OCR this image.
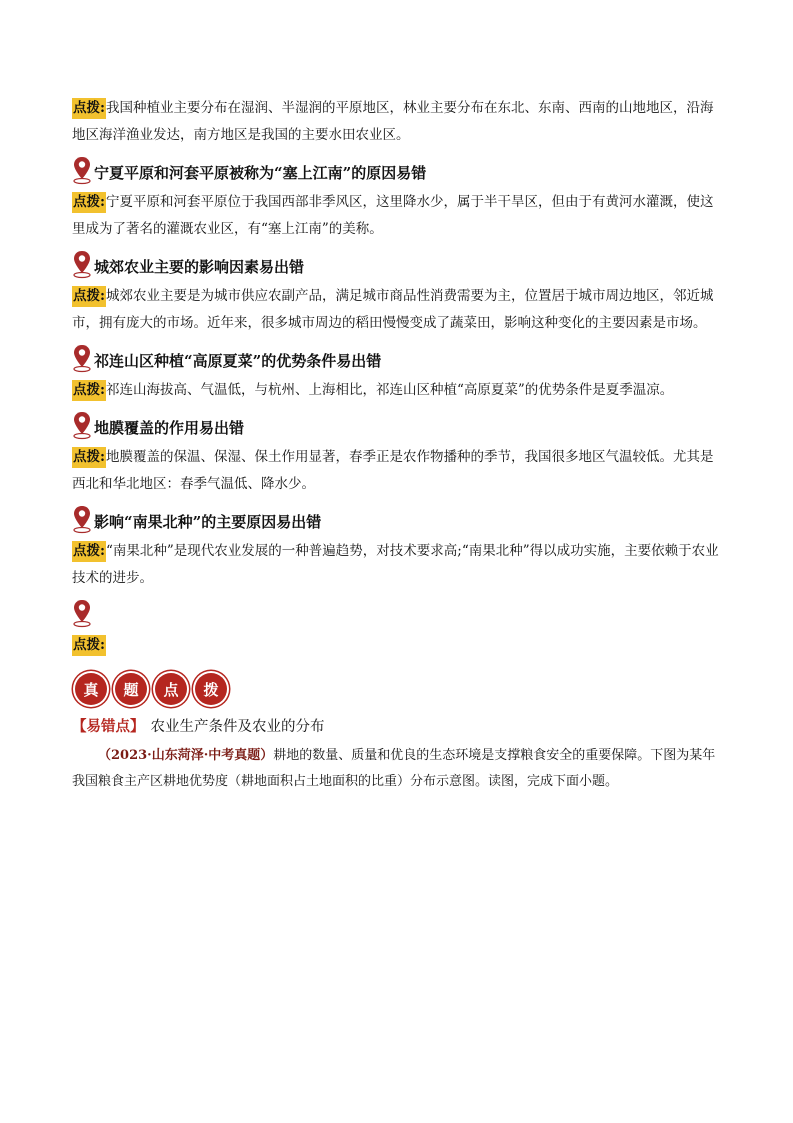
点拨:我国种植业主要分布在湿润、半湿润的平原地区，林业主要分布在东北、东南、西南的山地地区，沿海地区海洋渔业发达，南方地区是我国的主要水田农业区。

宁夏平原和河套平原被称为“塞上江南”的原因易错

点拨:宁夏平原和河套平原位于我国西部非季风区，这里降水少，属于半干旱区，但由于有黄河水灌溉，使这里成为了著名的灌溉农业区，有“塞上江南”的美称。

城郊农业主要的影响因素易出错

点拨:城郊农业主要是为城市供应农副产品，满足城市商品性消费需要为主，位置居于城市周边地区，邻近城市，拥有庞大的市场。近年来，很多城市周边的稻田慢慢变成了蔬菜田，影响这种变化的主要因素是市场。

祁连山区种植“高原夏菜”的优势条件易出错

点拨:祁连山海拔高、气温低，与杭州、上海相比，祁连山区种植“高原夏菜”的优势条件是夏季温凉。

地膜覆盖的作用易出错

点拨:地膜覆盖的保温、保湿、保土作用显著，春季正是农作物播种的季节，我国很多地区气温较低。尤其是西北和华北地区：春季气温低、降水少。

影响“南果北种”的主要原因易出错

点拨:“南果北种”是现代农业发展的一种普遍趋势，对技术要求高;“南果北种”得以成功实施，主要依赖于农业技术的进步。

点拨:

真	题	点	拨
【易错点】 农业生产条件及农业的分布

（2023·山东菏泽·中考真题）耕地的数量、质量和优良的生态环境是支撑粮食安全的重要保障。下图为某年我国粮食主产区耕地优势度（耕地面积占土地面积的比重）分布示意图。读图，完成下面小题。
